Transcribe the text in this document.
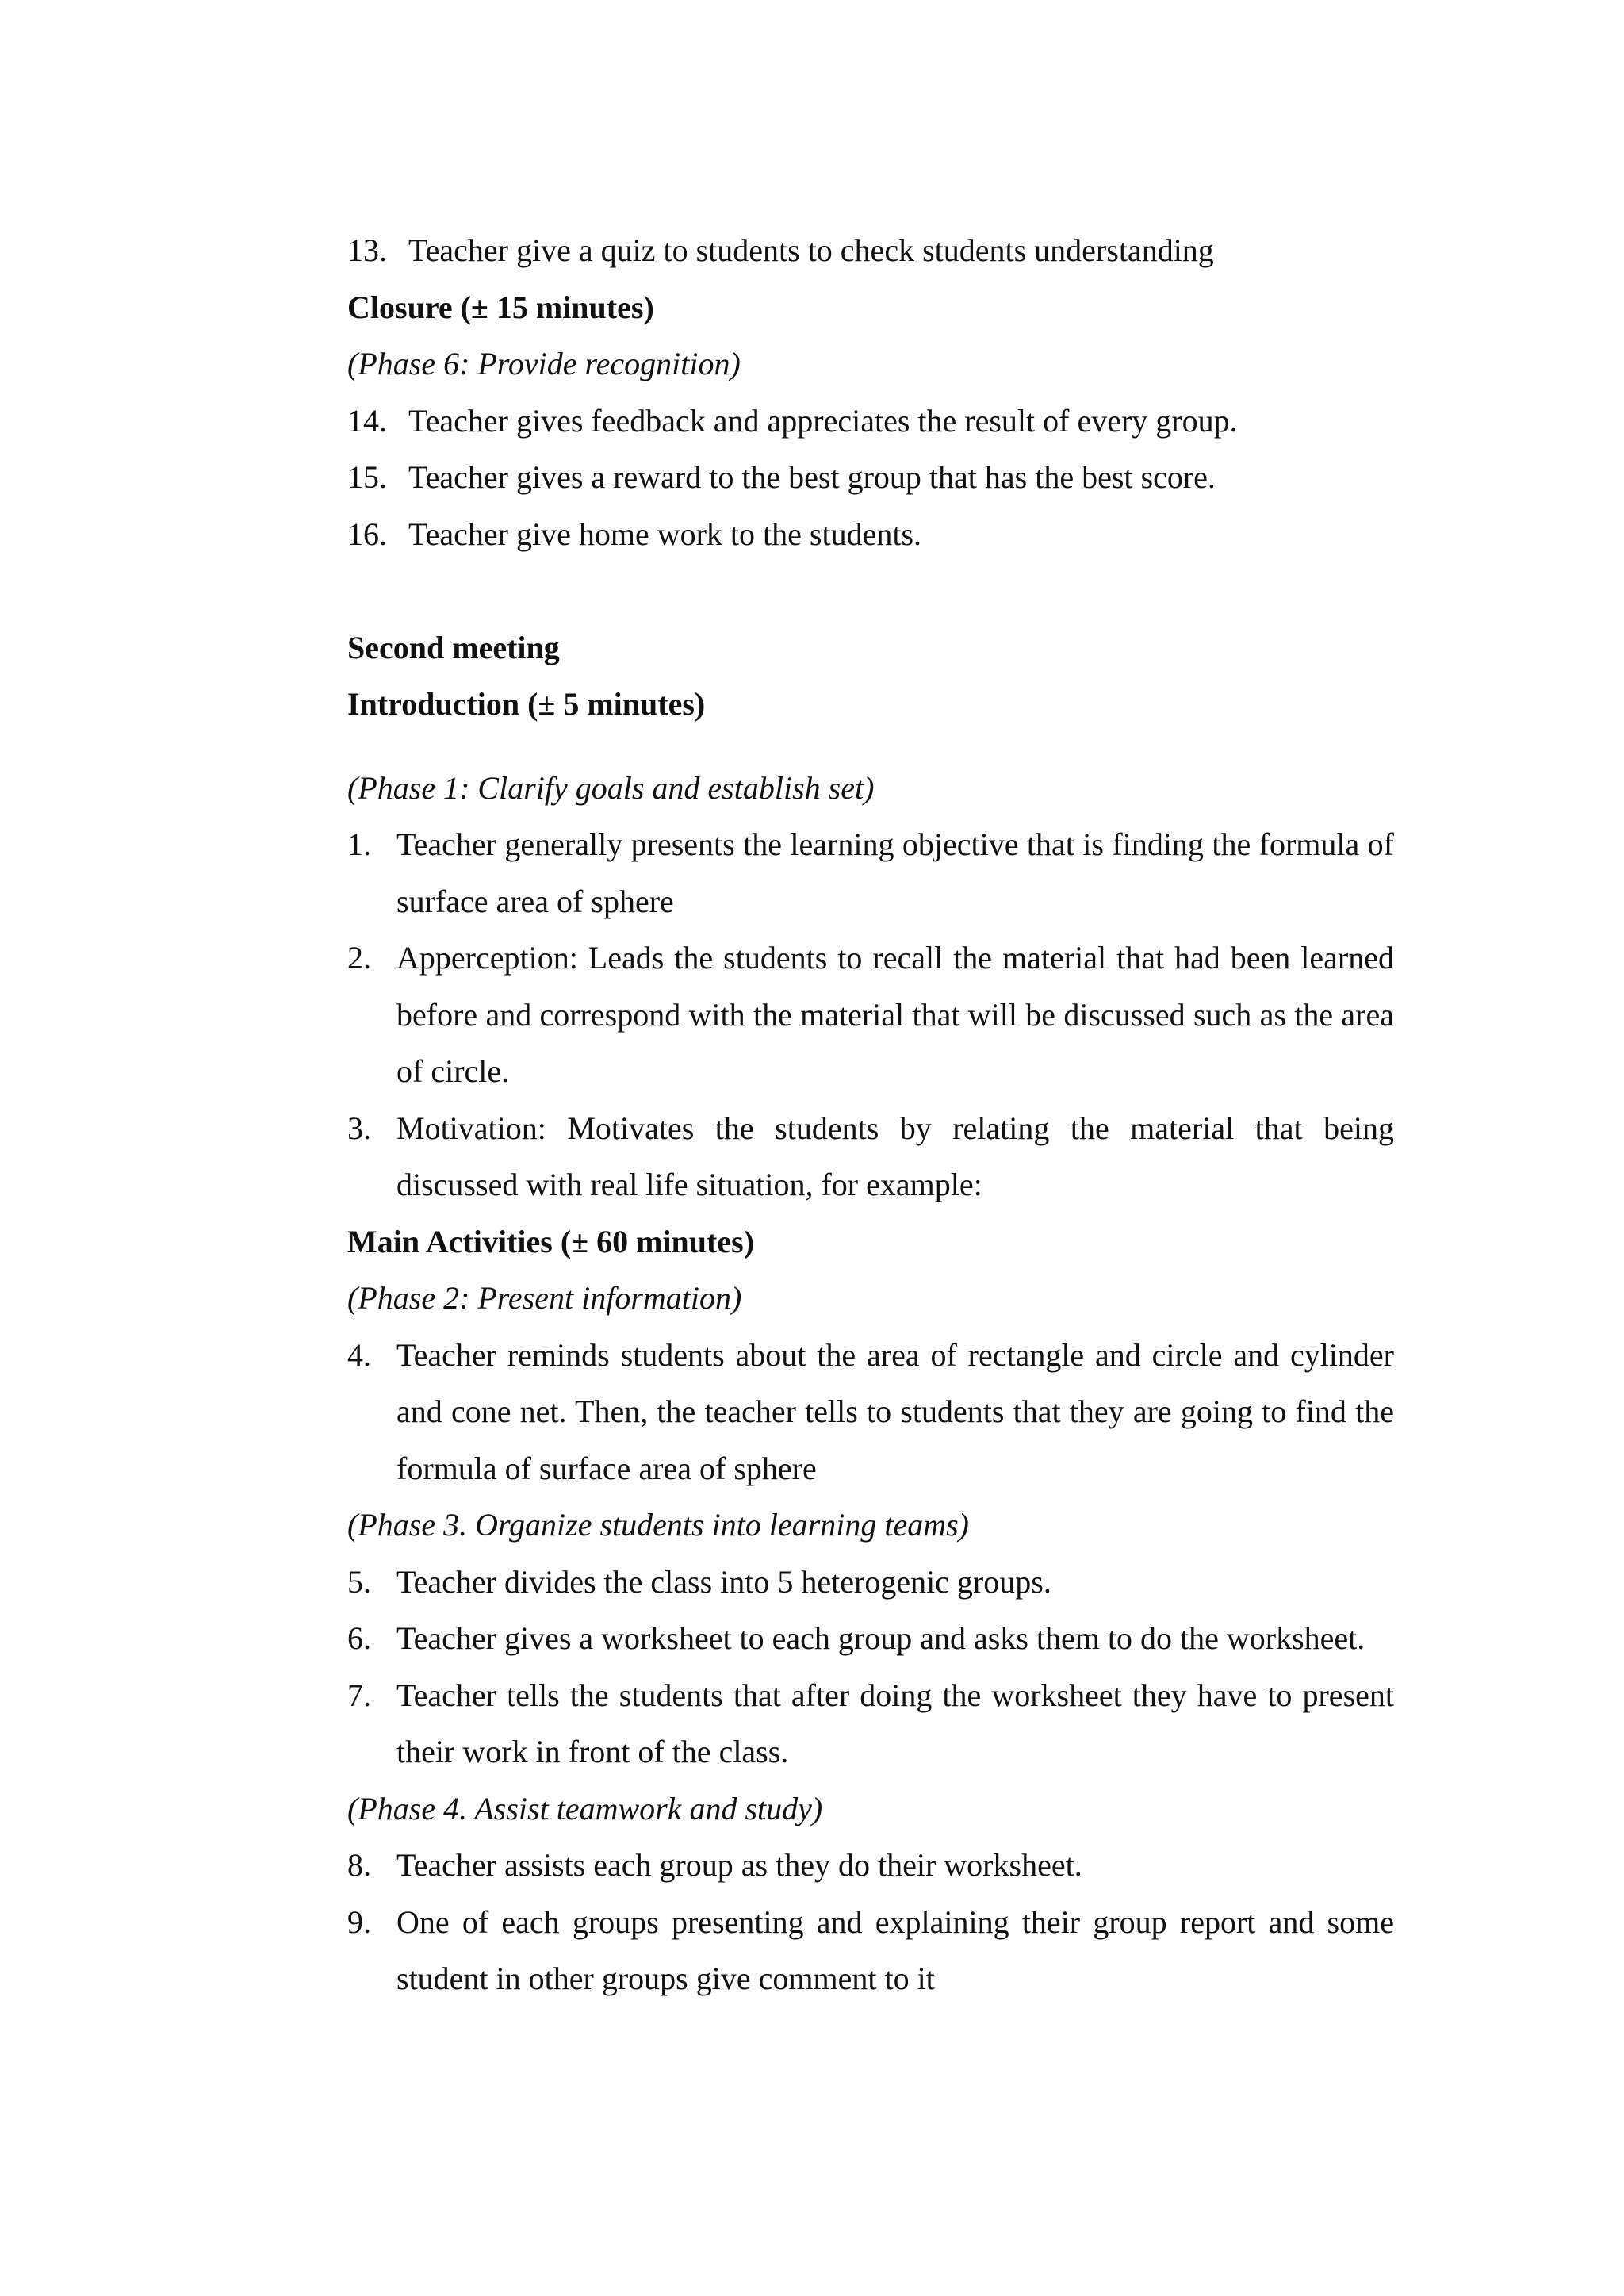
13. Teacher give a quiz to students to check students understanding

Closure (± 15 minutes)

(Phase 6: Provide recognition)

14. Teacher gives feedback and appreciates the result of every group.
15. Teacher gives a reward to the best group that has the best score.
16. Teacher give home work to the students.

Second meeting

Introduction (± 5 minutes)

(Phase 1: Clarify goals and establish set)

1. Teacher generally presents the learning objective that is finding the formula of surface area of sphere
2. Apperception: Leads the students to recall the material that had been learned before and correspond with the material that will be discussed such as the area of circle.
3. Motivation: Motivates the students by relating the material that being discussed with real life situation, for example:

Main Activities (± 60 minutes)

(Phase 2: Present information)

4. Teacher reminds students about the area of rectangle and circle and cylinder and cone net. Then, the teacher tells to students that they are going to find the formula of surface area of sphere

(Phase 3. Organize students into learning teams)

5. Teacher divides the class into 5 heterogenic groups.
6. Teacher gives a worksheet to each group and asks them to do the worksheet.
7. Teacher tells the students that after doing the worksheet they have to present their work in front of the class.

(Phase 4. Assist teamwork and study)

8. Teacher assists each group as they do their worksheet.
9. One of each groups presenting and explaining their group report and some student in other groups give comment to it
